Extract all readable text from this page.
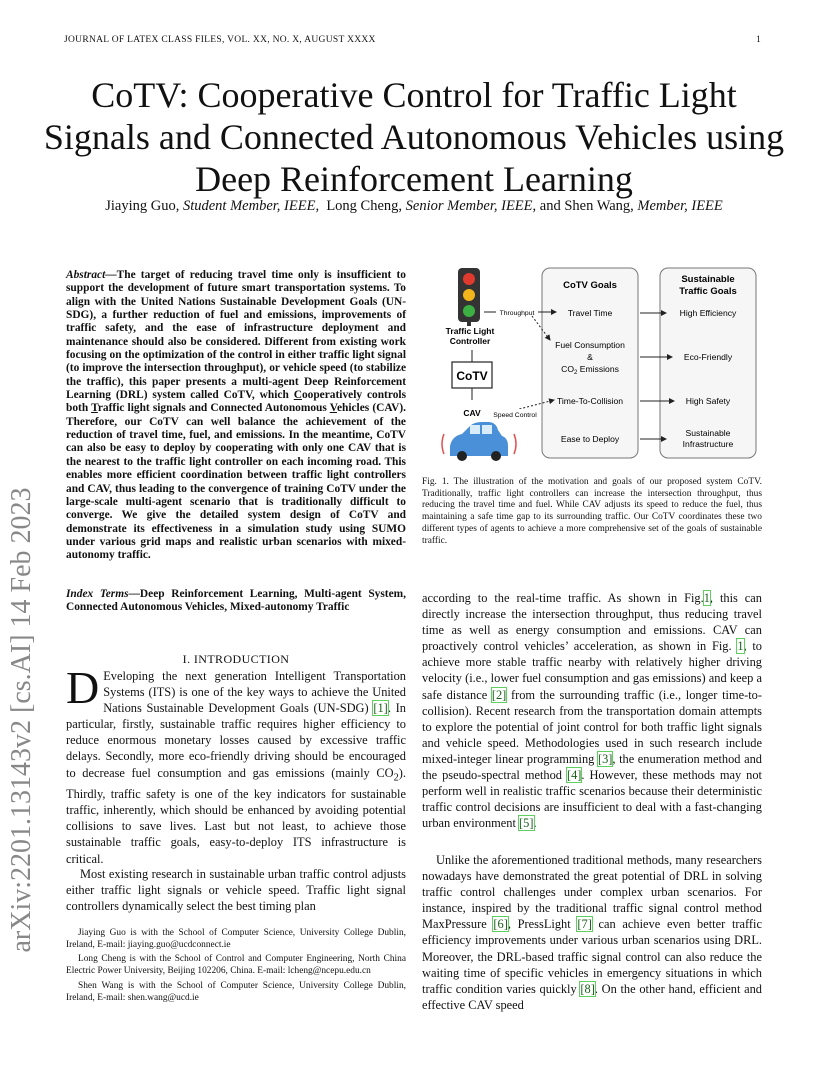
JOURNAL OF LATEX CLASS FILES, VOL. XX, NO. X, AUGUST XXXX	1
arXiv:2201.13143v2 [cs.AI] 14 Feb 2023
CoTV: Cooperative Control for Traffic Light
Signals and Connected Autonomous Vehicles using
Deep Reinforcement Learning
Jiaying Guo, Student Member, IEEE,  Long Cheng, Senior Member, IEEE, and Shen Wang, Member, IEEE
Abstract—The target of reducing travel time only is insufficient to support the development of future smart transportation systems. To align with the United Nations Sustainable Development Goals (UN-SDG), a further reduction of fuel and emissions, improvements of traffic safety, and the ease of infrastructure deployment and maintenance should also be considered. Different from existing work focusing on the optimization of the control in either traffic light signal (to improve the intersection throughput), or vehicle speed (to stabilize the traffic), this paper presents a multi-agent Deep Reinforcement Learning (DRL) system called CoTV, which Cooperatively controls both Traffic light signals and Connected Autonomous Vehicles (CAV). Therefore, our CoTV can well balance the achievement of the reduction of travel time, fuel, and emissions. In the meantime, CoTV can also be easy to deploy by cooperating with only one CAV that is the nearest to the traffic light controller on each incoming road. This enables more efficient coordination between traffic light controllers and CAV, thus leading to the convergence of training CoTV under the large-scale multi-agent scenario that is traditionally difficult to converge. We give the detailed system design of CoTV and demonstrate its effectiveness in a simulation study using SUMO under various grid maps and realistic urban scenarios with mixed-autonomy traffic.
Index Terms—Deep Reinforcement Learning, Multi-agent System, Connected Autonomous Vehicles, Mixed-autonomy Traffic
I. INTRODUCTION
D Eveloping the next generation Intelligent Transportation Systems (ITS) is one of the key ways to achieve the United Nations Sustainable Development Goals (UN-SDG) [1]. In particular, firstly, sustainable traffic requires higher efficiency to reduce enormous monetary losses caused by excessive traffic delays. Secondly, more eco-friendly driving should be encouraged to decrease fuel consumption and gas emissions (mainly $CO_2$). Thirdly, traffic safety is one of the key indicators for sustainable traffic, inherently, which should be enhanced by avoiding potential collisions to save lives. Last but not least, to achieve those sustainable traffic goals, easy-to-deploy ITS infrastructure is critical.
Most existing research in sustainable urban traffic control adjusts either traffic light signals or vehicle speed. Traffic light signal controllers dynamically select the best timing plan

Jiaying Guo is with the School of Computer Science, University College Dublin, Ireland, E-mail: jiaying.guo@ucdconnect.ie

Long Cheng is with the School of Control and Computer Engineering, North China Electric Power University, Beijing 102206, China. E-mail: lcheng@ncepu.edu.cn

Shen Wang is with the School of Computer Science, University College Dublin, Ireland, E-mail: shen.wang@ucd.ie

Traffic Light
Controller
CoTV
CAV
CoTV Goals
Travel Time
Fuel Consumption
&
$CO_2$ Emissions
Time-To-Collision
Ease to Deploy
Sustainable
Traffic Goals
High Efficiency
Eco-Friendly
High Safety
Sustainable
Infrastructure
Throughput
Speed Control
Fig. 1. The illustration of the motivation and goals of our proposed system CoTV. Traditionally, traffic light controllers can increase the intersection throughput, thus reducing the travel time and fuel. While CAV adjusts its speed to reduce the fuel, thus maintaining a safe time gap to its surrounding traffic. Our CoTV coordinates these two different types of agents to achieve a more comprehensive set of the goals of sustainable traffic.
according to the real-time traffic. As shown in Fig.1, this can directly increase the intersection throughput, thus reducing travel time as well as energy consumption and emissions. CAV can proactively control vehicles’ acceleration, as shown in Fig. 1, to achieve more stable traffic nearby with relatively higher driving velocity (i.e., lower fuel consumption and gas emissions) and keep a safe distance [2] from the surrounding traffic (i.e., longer time-to-collision). Recent research from the transportation domain attempts to explore the potential of joint control for both traffic light signals and vehicle speed. Methodologies used in such research include mixed-integer linear programming [3], the enumeration method and the pseudo-spectral method [4]. However, these methods may not perform well in realistic traffic scenarios because their deterministic traffic control decisions are insufficient to deal with a fast-changing urban environment [5].
Unlike the aforementioned traditional methods, many researchers nowadays have demonstrated the great potential of DRL in solving traffic control challenges under complex urban scenarios. For instance, inspired by the traditional traffic signal control method MaxPressure [6], PressLight [7] can achieve even better traffic efficiency improvements under various urban scenarios using DRL. Moreover, the DRL-based traffic signal control can also reduce the waiting time of specific vehicles in emergency situations in which traffic condition varies quickly [8]. On the other hand, efficient and effective CAV speed
